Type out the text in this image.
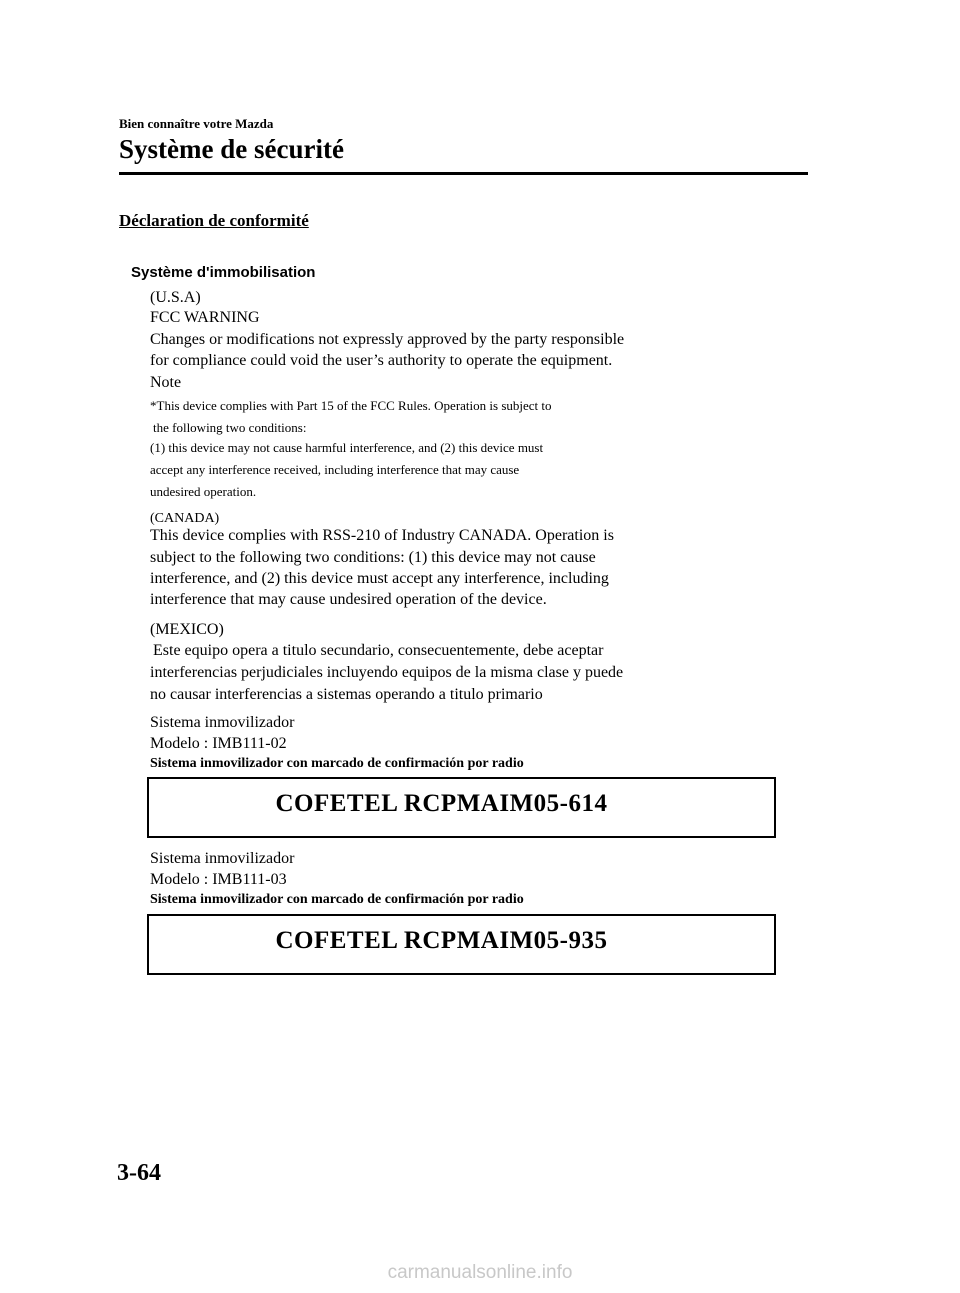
Bien connaître votre Mazda
Système de sécurité
Déclaration de conformité
Système d'immobilisation
(U.S.A)
FCC WARNING
Changes or modifications not expressly approved by the party responsible
for compliance could void the user’s authority to operate the equipment.
Note
*This device complies with Part 15 of the FCC Rules. Operation is subject to
the following two conditions:
(1) this device may not cause harmful interference, and (2) this device must
accept any interference received, including interference that may cause
undesired operation.
(CANADA)
This device complies with RSS-210 of Industry CANADA. Operation is
subject to the following two conditions: (1) this device may not cause
interference, and (2) this device must accept any interference, including
interference that may cause undesired operation of the device.
(MEXICO)
Este equipo opera a titulo secundario, consecuentemente, debe aceptar
interferencias perjudiciales incluyendo equipos de la misma clase y puede
no causar interferencias a sistemas operando a titulo primario
Sistema inmovilizador
Modelo : IMB111-02
Sistema inmovilizador con marcado de confirmación por radio
COFETEL RCPMAIM05-614
Sistema inmovilizador
Modelo : IMB111-03
Sistema inmovilizador con marcado de confirmación por radio
COFETEL RCPMAIM05-935
3-64
carmanualsonline.info
